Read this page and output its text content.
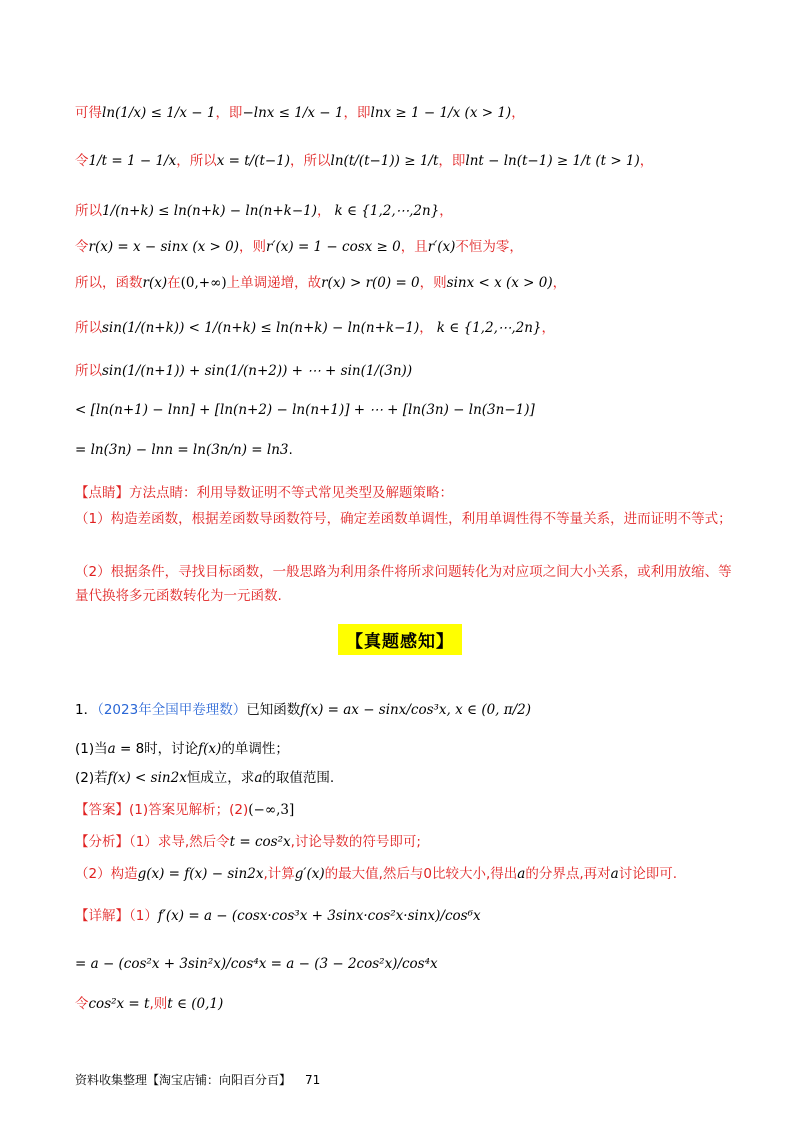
可得ln(1/x) ≤ 1/x − 1，即−lnx ≤ 1/x − 1，即lnx ≥ 1 − 1/x (x > 1)，
令1/t = 1 − 1/x，所以x = t/(t−1)，所以ln(t/(t−1)) ≥ 1/t，即lnt − ln(t−1) ≥ 1/t (t > 1)，
所以1/(n+k) ≤ ln(n+k) − ln(n+k−1)， k ∈ {1,2,⋯,2n}，
令r(x) = x − sinx (x > 0)，则r′(x) = 1 − cosx ≥ 0，且r′(x)不恒为零，
所以，函数r(x)在(0,+∞)上单调递增，故r(x) > r(0) = 0，则sinx < x (x > 0)，
所以sin(1/(n+k)) < 1/(n+k) ≤ ln(n+k) − ln(n+k−1)， k ∈ {1,2,⋯,2n}，
所以sin(1/(n+1)) + sin(1/(n+2)) + ⋯ + sin(1/(3n))
< [ln(n+1) − lnn] + [ln(n+2) − ln(n+1)] + ⋯ + [ln(3n) − ln(3n−1)]
= ln(3n) − lnn = ln(3n/n) = ln3.
【点睛】方法点睛：利用导数证明不等式常见类型及解题策略：
（1）构造差函数，根据差函数导函数符号，确定差函数单调性，利用单调性得不等量关系，进而证明不等式；
（2）根据条件，寻找目标函数，一般思路为利用条件将所求问题转化为对应项之间大小关系，或利用放缩、等量代换将多元函数转化为一元函数.
【真题感知】
1．（2023年全国甲卷理数）已知函数f(x) = ax − sinx/cos³x, x ∈ (0, π/2)
(1)当a = 8时，讨论f(x)的单调性；
(2)若f(x) < sin2x恒成立，求a的取值范围.
【答案】(1)答案见解析；(2)(−∞,3]
【分析】（1）求导,然后令t = cos²x,讨论导数的符号即可;
（2）构造g(x) = f(x) − sin2x,计算g′(x)的最大值,然后与0比较大小,得出a的分界点,再对a讨论即可.
【详解】（1）f′(x) = a − (cosx·cos³x + 3sinx·cos²x·sinx)/cos⁶x
= a − (cos²x + 3sin²x)/cos⁴x = a − (3 − 2cos²x)/cos⁴x
令cos²x = t,则t ∈ (0,1)
资料收集整理【淘宝店铺：向阳百分百】 71
